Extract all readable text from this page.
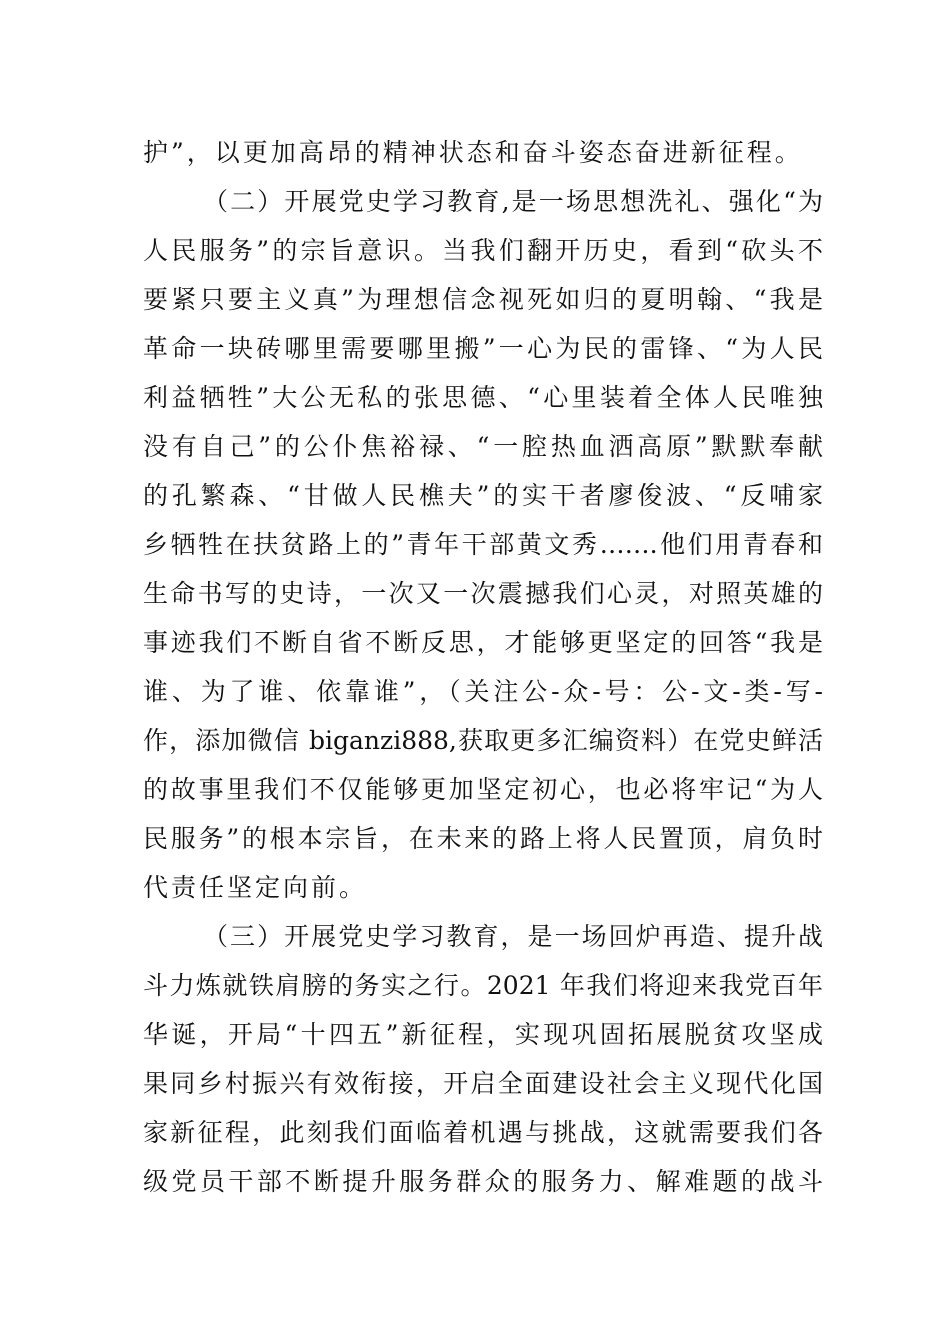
护”，以更加高昂的精神状态和奋斗姿态奋进新征程。
（二）开展党史学习教育,是一场思想洗礼、强化“为
人民服务”的宗旨意识。当我们翻开历史，看到“砍头不
要紧只要主义真”为理想信念视死如归的夏明翰、“我是
革命一块砖哪里需要哪里搬”一心为民的雷锋、“为人民
利益牺牲”大公无私的张思德、“心里装着全体人民唯独
没有自己”的公仆焦裕禄、“一腔热血洒高原”默默奉献
的孔繁森、“甘做人民樵夫”的实干者廖俊波、“反哺家
乡牺牲在扶贫路上的”青年干部黄文秀…….他们用青春和
生命书写的史诗，一次又一次震撼我们心灵，对照英雄的
事迹我们不断自省不断反思，才能够更坚定的回答“我是
谁、为了谁、依靠谁”，（关注公-众-号：公-文-类-写-
作，添加微信 biganzi888,获取更多汇编资料）在党史鲜活
的故事里我们不仅能够更加坚定初心，也必将牢记“为人
民服务”的根本宗旨，在未来的路上将人民置顶，肩负时
代责任坚定向前。
（三）开展党史学习教育，是一场回炉再造、提升战
斗力炼就铁肩膀的务实之行。2021 年我们将迎来我党百年
华诞，开局“十四五”新征程，实现巩固拓展脱贫攻坚成
果同乡村振兴有效衔接，开启全面建设社会主义现代化国
家新征程，此刻我们面临着机遇与挑战，这就需要我们各
级党员干部不断提升服务群众的服务力、解难题的战斗
